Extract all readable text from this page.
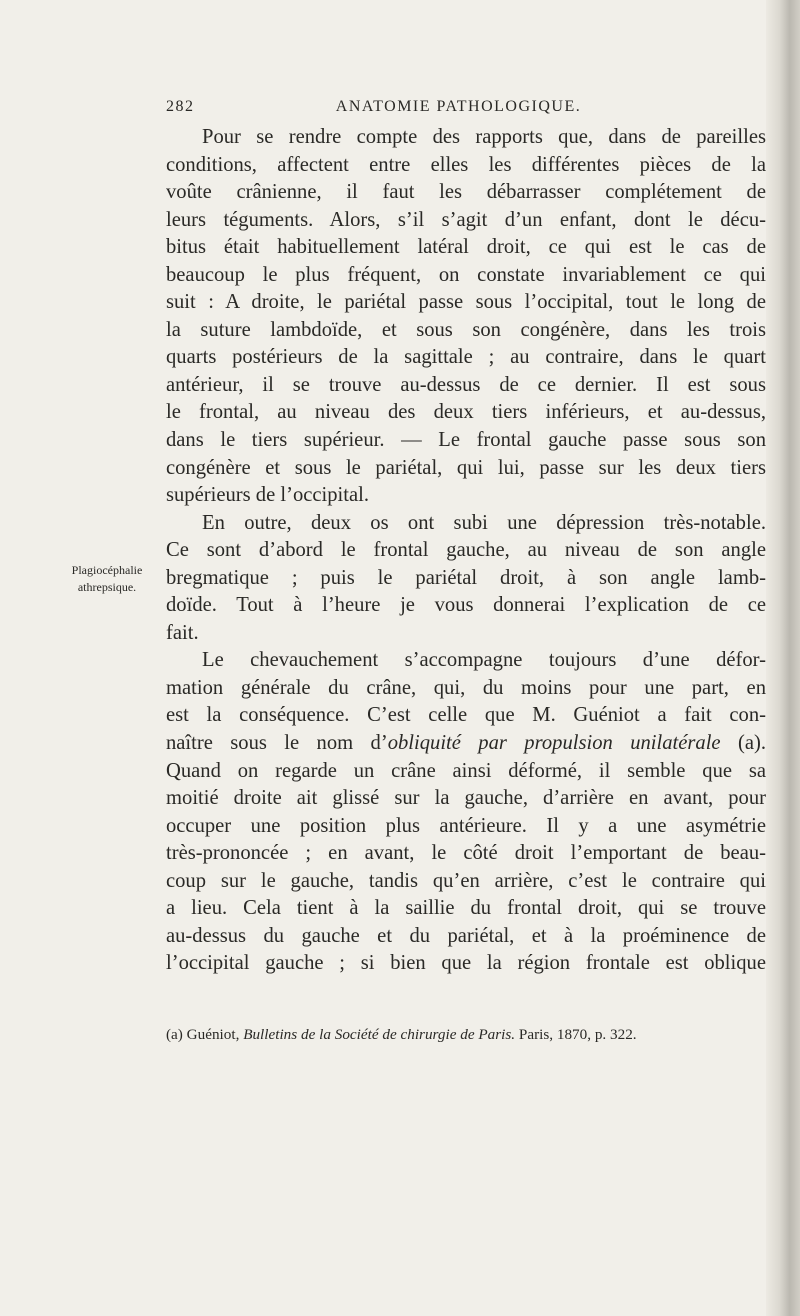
282	ANATOMIE PATHOLOGIQUE.
Plagiocéphalie
athrepsique.
Pour se rendre compte des rapports que, dans de pareilles
conditions, affectent entre elles les différentes pièces de la
voûte crânienne, il faut les débarrasser complétement de
leurs téguments. Alors, s’il s’agit d’un enfant, dont le décu-
bitus était habituellement latéral droit, ce qui est le cas de
beaucoup le plus fréquent, on constate invariablement ce qui
suit : A droite, le pariétal passe sous l’occipital, tout le long de
la suture lambdoïde, et sous son congénère, dans les trois
quarts postérieurs de la sagittale ; au contraire, dans le quart
antérieur, il se trouve au-dessus de ce dernier. Il est sous
le frontal, au niveau des deux tiers inférieurs, et au-dessus,
dans le tiers supérieur. — Le frontal gauche passe sous son
congénère et sous le pariétal, qui lui, passe sur les deux tiers
supérieurs de l’occipital.
En outre, deux os ont subi une dépression très-notable.
Ce sont d’abord le frontal gauche, au niveau de son angle
bregmatique ; puis le pariétal droit, à son angle lamb-
doïde. Tout à l’heure je vous donnerai l’explication de ce
fait.
Le chevauchement s’accompagne toujours d’une défor-
mation générale du crâne, qui, du moins pour une part, en
est la conséquence. C’est celle que M. Guéniot a fait con-
naître sous le nom d’obliquité par propulsion unilatérale (a).
Quand on regarde un crâne ainsi déformé, il semble que sa
moitié droite ait glissé sur la gauche, d’arrière en avant, pour
occuper une position plus antérieure. Il y a une asymétrie
très-prononcée ; en avant, le côté droit l’emportant de beau-
coup sur le gauche, tandis qu’en arrière, c’est le contraire qui
a lieu. Cela tient à la saillie du frontal droit, qui se trouve
au-dessus du gauche et du pariétal, et à la proéminence de
l’occipital gauche ; si bien que la région frontale est oblique
(a) Guéniot, Bulletins de la Société de chirurgie de Paris. Paris, 1870, p. 322.
